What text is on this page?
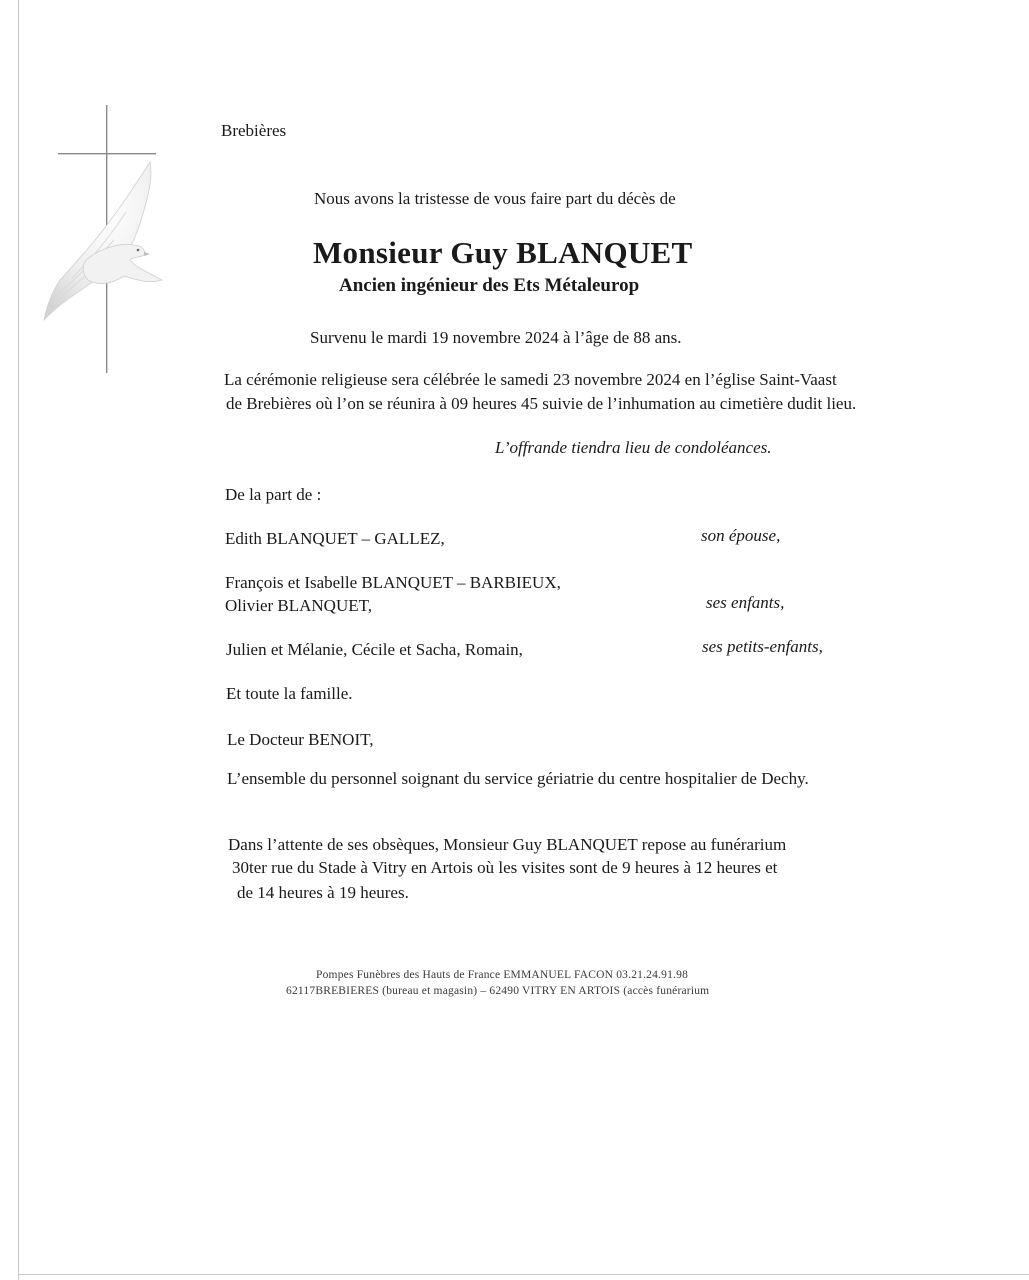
Brebières
Nous avons la tristesse de vous faire part du décès de
Monsieur Guy BLANQUET
Ancien ingénieur des Ets Métaleurop
Survenu le mardi 19 novembre 2024 à l’âge de 88 ans.
La cérémonie religieuse sera célébrée le samedi 23 novembre 2024 en l’église Saint-Vaast
de Brebières où l’on se réunira à 09 heures 45 suivie de l’inhumation au cimetière dudit lieu.
L’offrande tiendra lieu de condoléances.
De la part de :
Edith BLANQUET – GALLEZ,	son épouse,
François et Isabelle BLANQUET – BARBIEUX,
Olivier BLANQUET,	ses enfants,
Julien et Mélanie, Cécile et Sacha, Romain,	ses petits-enfants,
Et toute la famille.
Le Docteur BENOIT,
L’ensemble du personnel soignant du service gériatrie du centre hospitalier de Dechy.
Dans l’attente de ses obsèques, Monsieur Guy BLANQUET repose au funérarium
30ter rue du Stade à Vitry en Artois où les visites sont de 9 heures à 12 heures et
de 14 heures à 19 heures.
Pompes Funèbres des Hauts de France EMMANUEL FACON 03.21.24.91.98
62117BREBIERES (bureau et magasin) – 62490 VITRY EN ARTOIS (accès funérarium
